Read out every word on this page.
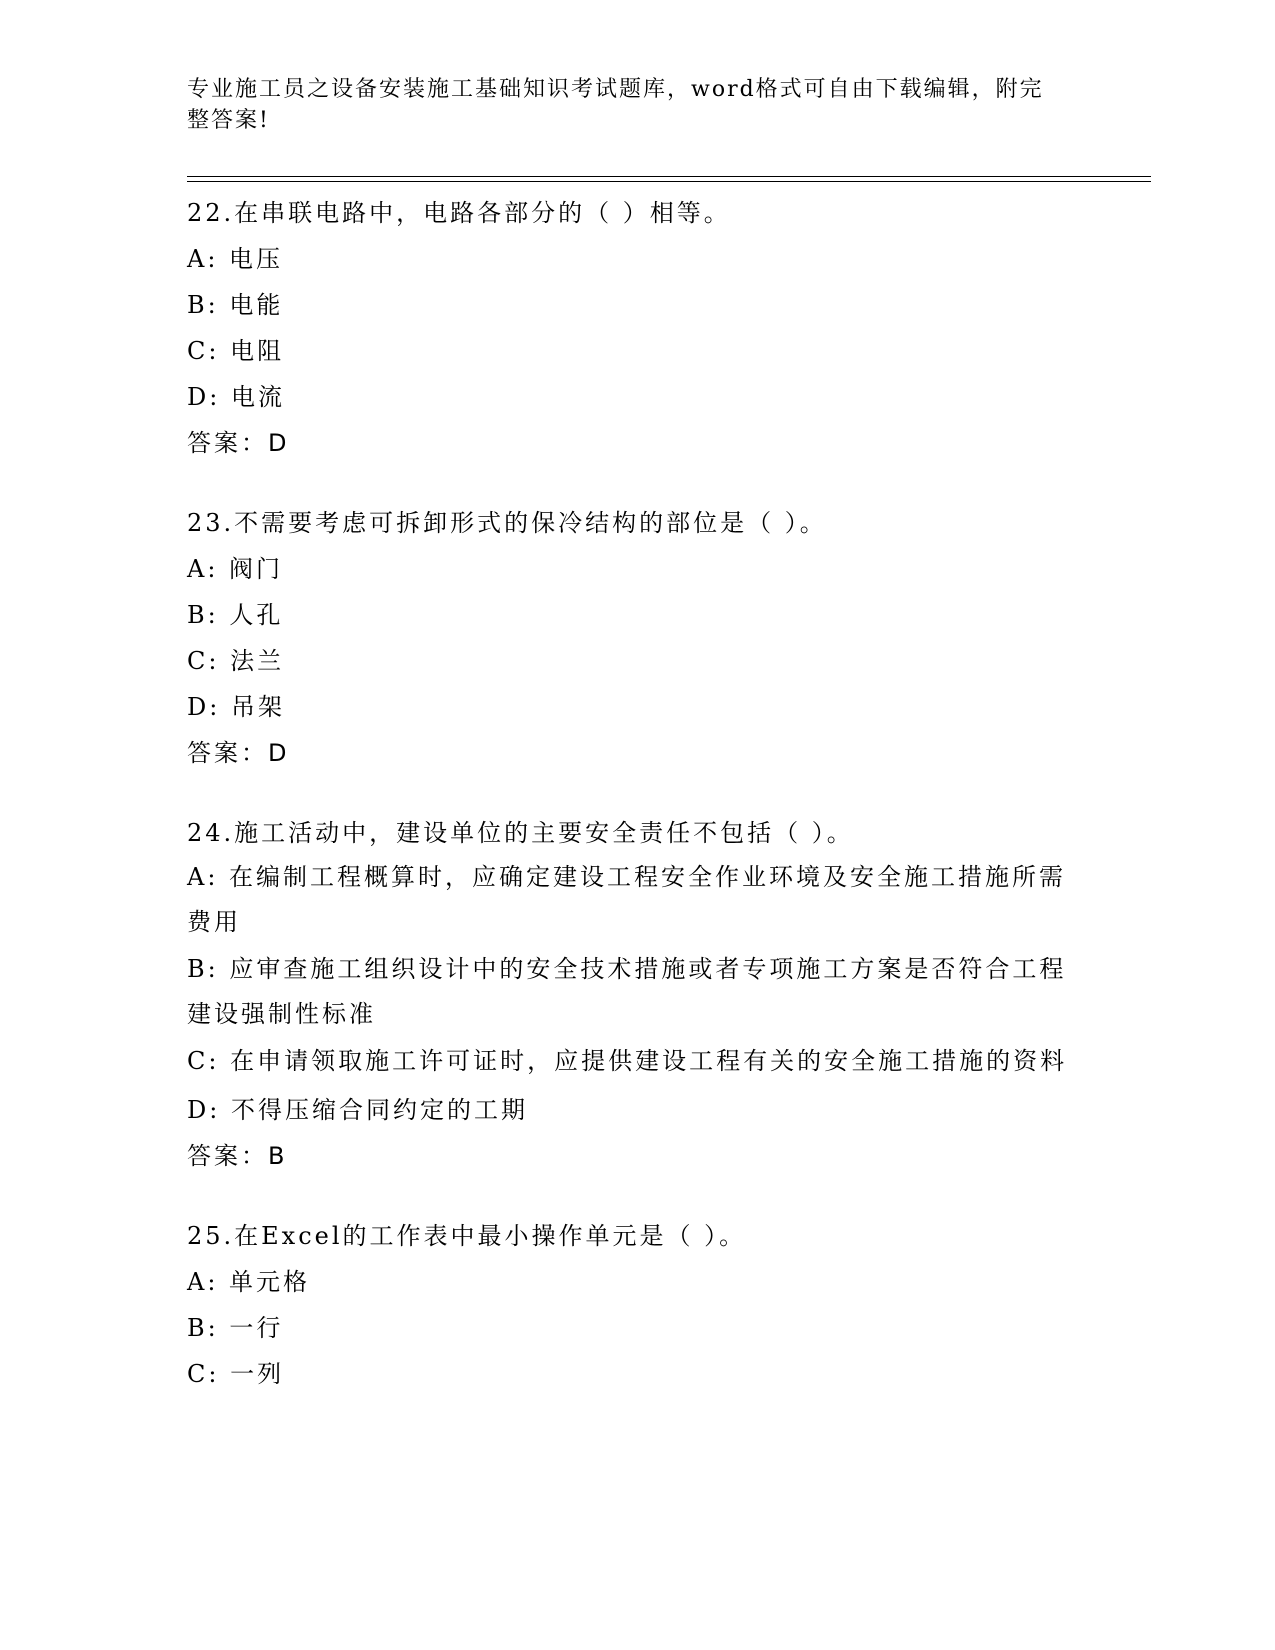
专业施工员之设备安装施工基础知识考试题库，word格式可自由下载编辑，附完整答案!

22.在串联电路中，电路各部分的（ ）相等。

A: 电压

B: 电能

C: 电阻

D: 电流

答案：D

23.不需要考虑可拆卸形式的保冷结构的部位是（ ）。

A: 阀门

B: 人孔

C: 法兰

D: 吊架

答案：D

24.施工活动中，建设单位的主要安全责任不包括（ ）。

A: 在编制工程概算时，应确定建设工程安全作业环境及安全施工措施所需费用

B: 应审查施工组织设计中的安全技术措施或者专项施工方案是否符合工程建设强制性标准

C: 在申请领取施工许可证时，应提供建设工程有关的安全施工措施的资料

D: 不得压缩合同约定的工期

答案：B

25.在Excel的工作表中最小操作单元是（ ）。

A: 单元格

B: 一行

C: 一列
